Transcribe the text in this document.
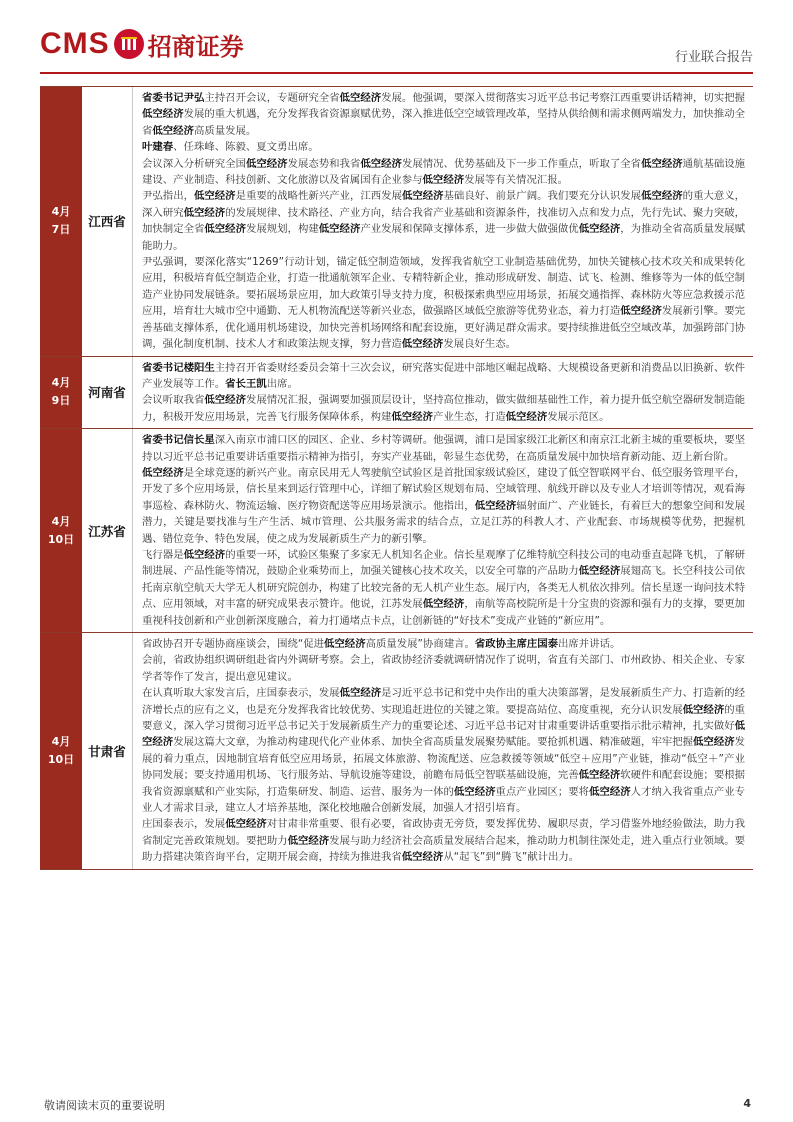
CMS 招商证券	行业联合报告
4月
7日
江西省

省委书记尹弘主持召开会议，专题研究全省低空经济发展。他强调，要深入贯彻落实习近平总书记考察江西重要讲话精神，切实把握低空经济发展的重大机遇，充分发挥我省资源禀赋优势，深入推进低空空域管理改革，坚持从供给侧和需求侧两端发力，加快推动全省低空经济高质量发展。

叶建春、任珠峰、陈毅、夏文勇出席。

会议深入分析研究全国低空经济发展态势和我省低空经济发展情况、优势基础及下一步工作重点，听取了全省低空经济通航基础设施建设、产业制造、科技创新、文化旅游以及省属国有企业参与低空经济发展等有关情况汇报。

尹弘指出，低空经济是重要的战略性新兴产业，江西发展低空经济基础良好、前景广阔。我们要充分认识发展低空经济的重大意义，深入研究低空经济的发展规律、技术路径、产业方向，结合我省产业基础和资源条件，找准切入点和发力点，先行先试、聚力突破，加快制定全省低空经济发展规划，构建低空经济产业发展和保障支撑体系，进一步做大做强做优低空经济，为推动全省高质量发展赋能助力。

尹弘强调，要深化落实“1269”行动计划，锚定低空制造领域，发挥我省航空工业制造基础优势，加快关键核心技术攻关和成果转化应用，积极培育低空制造企业，打造一批通航领军企业、专精特新企业，推动形成研发、制造、试飞、检测、维修等为一体的低空制造产业协同发展链条。要拓展场景应用，加大政策引导支持力度，积极探索典型应用场景，拓展交通指挥、森林防火等应急救援示范应用，培育壮大城市空中通勤、无人机物流配送等新兴业态，做强路区域低空旅游等优势业态，着力打造低空经济发展新引擎。要完善基础支撑体系，优化通用机场建设，加快完善机场网络和配套设施，更好满足群众需求。要持续推进低空空域改革，加强跨部门协调，强化制度机制、技术人才和政策法规支撑，努力营造低空经济发展良好生态。

4月
9日
河南省

省委书记楼阳生主持召开省委财经委员会第十三次会议，研究落实促进中部地区崛起战略、大规模设备更新和消费品以旧换新、软件产业发展等工作。省长王凯出席。

会议听取我省低空经济发展情况汇报，强调要加强顶层设计，坚持高位推动，做实做细基础性工作，着力提升低空航空器研发制造能力，积极开发应用场景，完善飞行服务保障体系，构建低空经济产业生态，打造低空经济发展示范区。

4月
10日
江苏省

省委书记信长星深入南京市浦口区的园区、企业、乡村等调研。他强调，浦口是国家级江北新区和南京江北新主城的重要板块，要坚持以习近平总书记重要讲话重要指示精神为指引，夯实产业基础，彰显生态优势，在高质量发展中加快培育新动能、迈上新台阶。

低空经济是全球竞逐的新兴产业。南京民用无人驾驶航空试验区是首批国家级试验区，建设了低空智联网平台、低空服务管理平台，开发了多个应用场景，信长星来到运行管理中心，详细了解试验区规划布局、空域管理、航线开辟以及专业人才培训等情况，观看海事巡检、森林防火、物流运输、医疗物资配送等应用场景演示。他指出，低空经济辐射面广、产业链长，有着巨大的想象空间和发展潜力，关键是要找准与生产生活、城市管理、公共服务需求的结合点，立足江苏的科教人才、产业配套、市场规模等优势，把握机遇、错位竞争、特色发展，使之成为发展新质生产力的新引擎。

飞行器是低空经济的重要一环，试验区集聚了多家无人机知名企业。信长星观摩了亿维特航空科技公司的电动垂直起降飞机，了解研制进展、产品性能等情况，鼓励企业乘势而上，加强关键核心技术攻关，以安全可靠的产品助力低空经济展翅高飞。长空科技公司依托南京航空航天大学无人机研究院创办，构建了比较完备的无人机产业生态。展厅内，各类无人机依次排列。信长星逐一询问技术特点、应用领域，对丰富的研究成果表示赞许。他说，江苏发展低空经济，南航等高校院所是十分宝贵的资源和强有力的支撑，要更加重视科技创新和产业创新深度融合，着力打通堵点卡点，让创新链的“好技术”变成产业链的“新应用”。

4月
10日
甘肃省

省政协召开专题协商座谈会，围绕“促进低空经济高质量发展”协商建言。省政协主席庄国泰出席并讲话。

会前，省政协组织调研组赴省内外调研考察。会上，省政协经济委就调研情况作了说明，省直有关部门、市州政协、相关企业、专家学者等作了发言，提出意见建议。

在认真听取大家发言后，庄国泰表示，发展低空经济是习近平总书记和党中央作出的重大决策部署，是发展新质生产力、打造新的经济增长点的应有之义，也是充分发挥我省比较优势、实现追赶进位的关键之策。要提高站位、高度重视，充分认识发展低空经济的重要意义，深入学习贯彻习近平总书记关于发展新质生产力的重要论述、习近平总书记对甘肃重要讲话重要指示批示精神，扎实做好低空经济发展这篇大文章，为推动构建现代化产业体系、加快全省高质量发展聚势赋能。要抢抓机遇、精准破题，牢牢把握低空经济发展的着力重点，因地制宜培育低空应用场景，拓展文体旅游、物流配送、应急救援等领域“低空＋应用”产业链，推动“低空＋”产业协同发展；要支持通用机场、飞行服务站、导航设施等建设，前瞻布局低空智联基础设施，完善低空经济软硬件和配套设施；要根据我省资源禀赋和产业实际，打造集研发、制造、运营、服务为一体的低空经济重点产业园区；要将低空经济人才纳入我省重点产业专业人才需求目录，建立人才培养基地，深化校地融合创新发展，加强人才招引培育。

庄国泰表示，发展低空经济对甘肃非常重要、很有必要，省政协责无旁贷，要发挥优势、履职尽责，学习借鉴外地经验做法，助力我省制定完善政策规划。要把助力低空经济发展与助力经济社会高质量发展结合起来，推动助力机制往深处走，进入重点行业领域。要助力搭建决策咨询平台，定期开展会商，持续为推进我省低空经济从“起飞”到“腾飞”献计出力。

敬请阅读末页的重要说明	4
